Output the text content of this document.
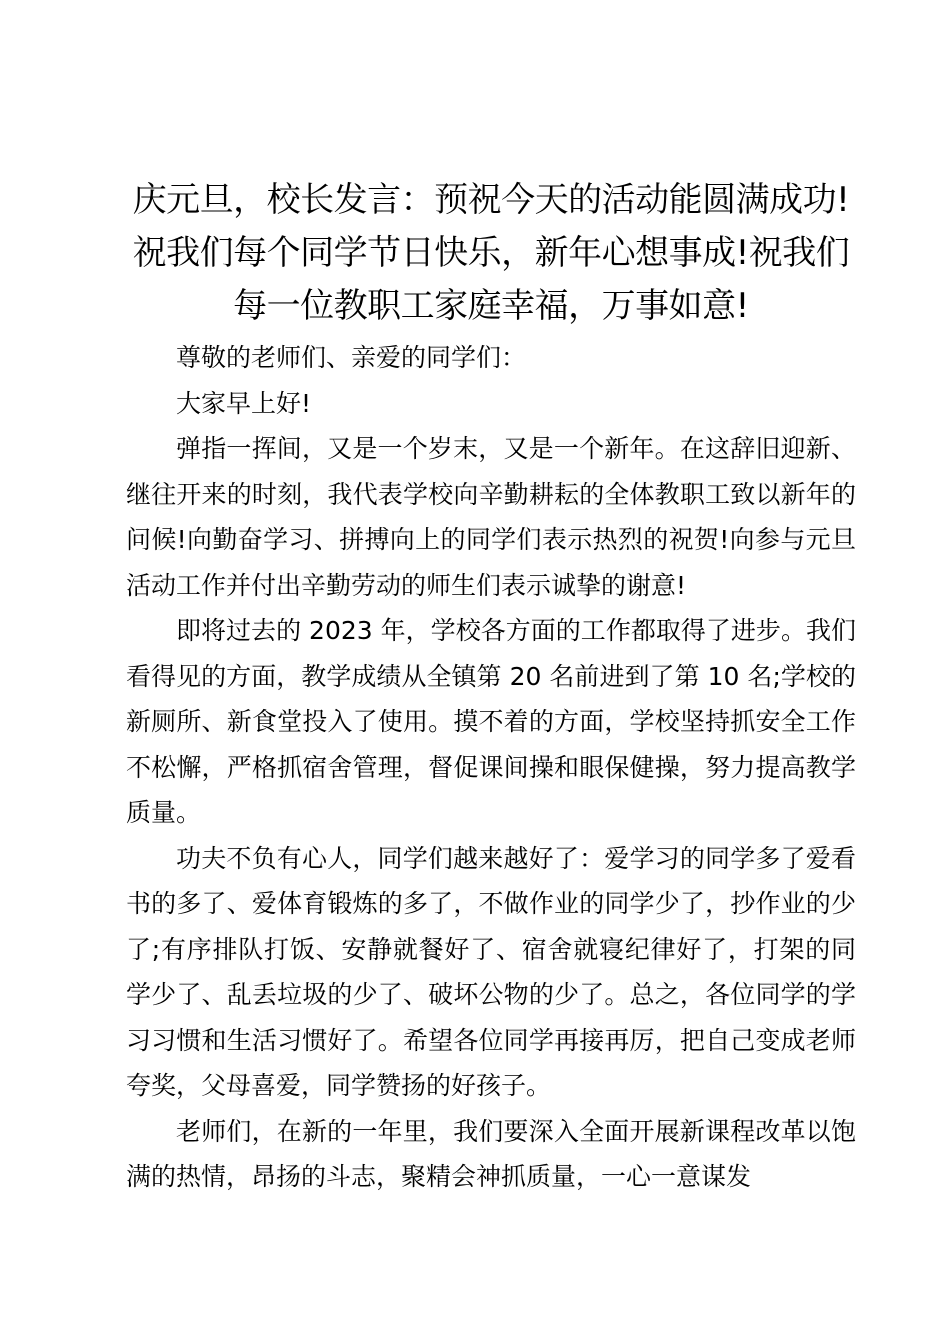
庆元旦，校长发言：预祝今天的活动能圆满成功!祝我们每个同学节日快乐，新年心想事成!祝我们每一位教职工家庭幸福，万事如意!

尊敬的老师们、亲爱的同学们：

大家早上好!

弹指一挥间，又是一个岁末，又是一个新年。在这辞旧迎新、继往开来的时刻，我代表学校向辛勤耕耘的全体教职工致以新年的问候!向勤奋学习、拼搏向上的同学们表示热烈的祝贺!向参与元旦活动工作并付出辛勤劳动的师生们表示诚挚的谢意!

即将过去的 2023 年，学校各方面的工作都取得了进步。我们看得见的方面，教学成绩从全镇第 20 名前进到了第 10 名;学校的新厕所、新食堂投入了使用。摸不着的方面，学校坚持抓安全工作不松懈，严格抓宿舍管理，督促课间操和眼保健操，努力提高教学质量。

功夫不负有心人，同学们越来越好了：爱学习的同学多了爱看书的多了、爱体育锻炼的多了，不做作业的同学少了，抄作业的少了;有序排队打饭、安静就餐好了、宿舍就寝纪律好了，打架的同学少了、乱丢垃圾的少了、破坏公物的少了。总之，各位同学的学习习惯和生活习惯好了。希望各位同学再接再厉，把自己变成老师夸奖，父母喜爱，同学赞扬的好孩子。

老师们，在新的一年里，我们要深入全面开展新课程改革以饱满的热情，昂扬的斗志，聚精会神抓质量，一心一意谋发
